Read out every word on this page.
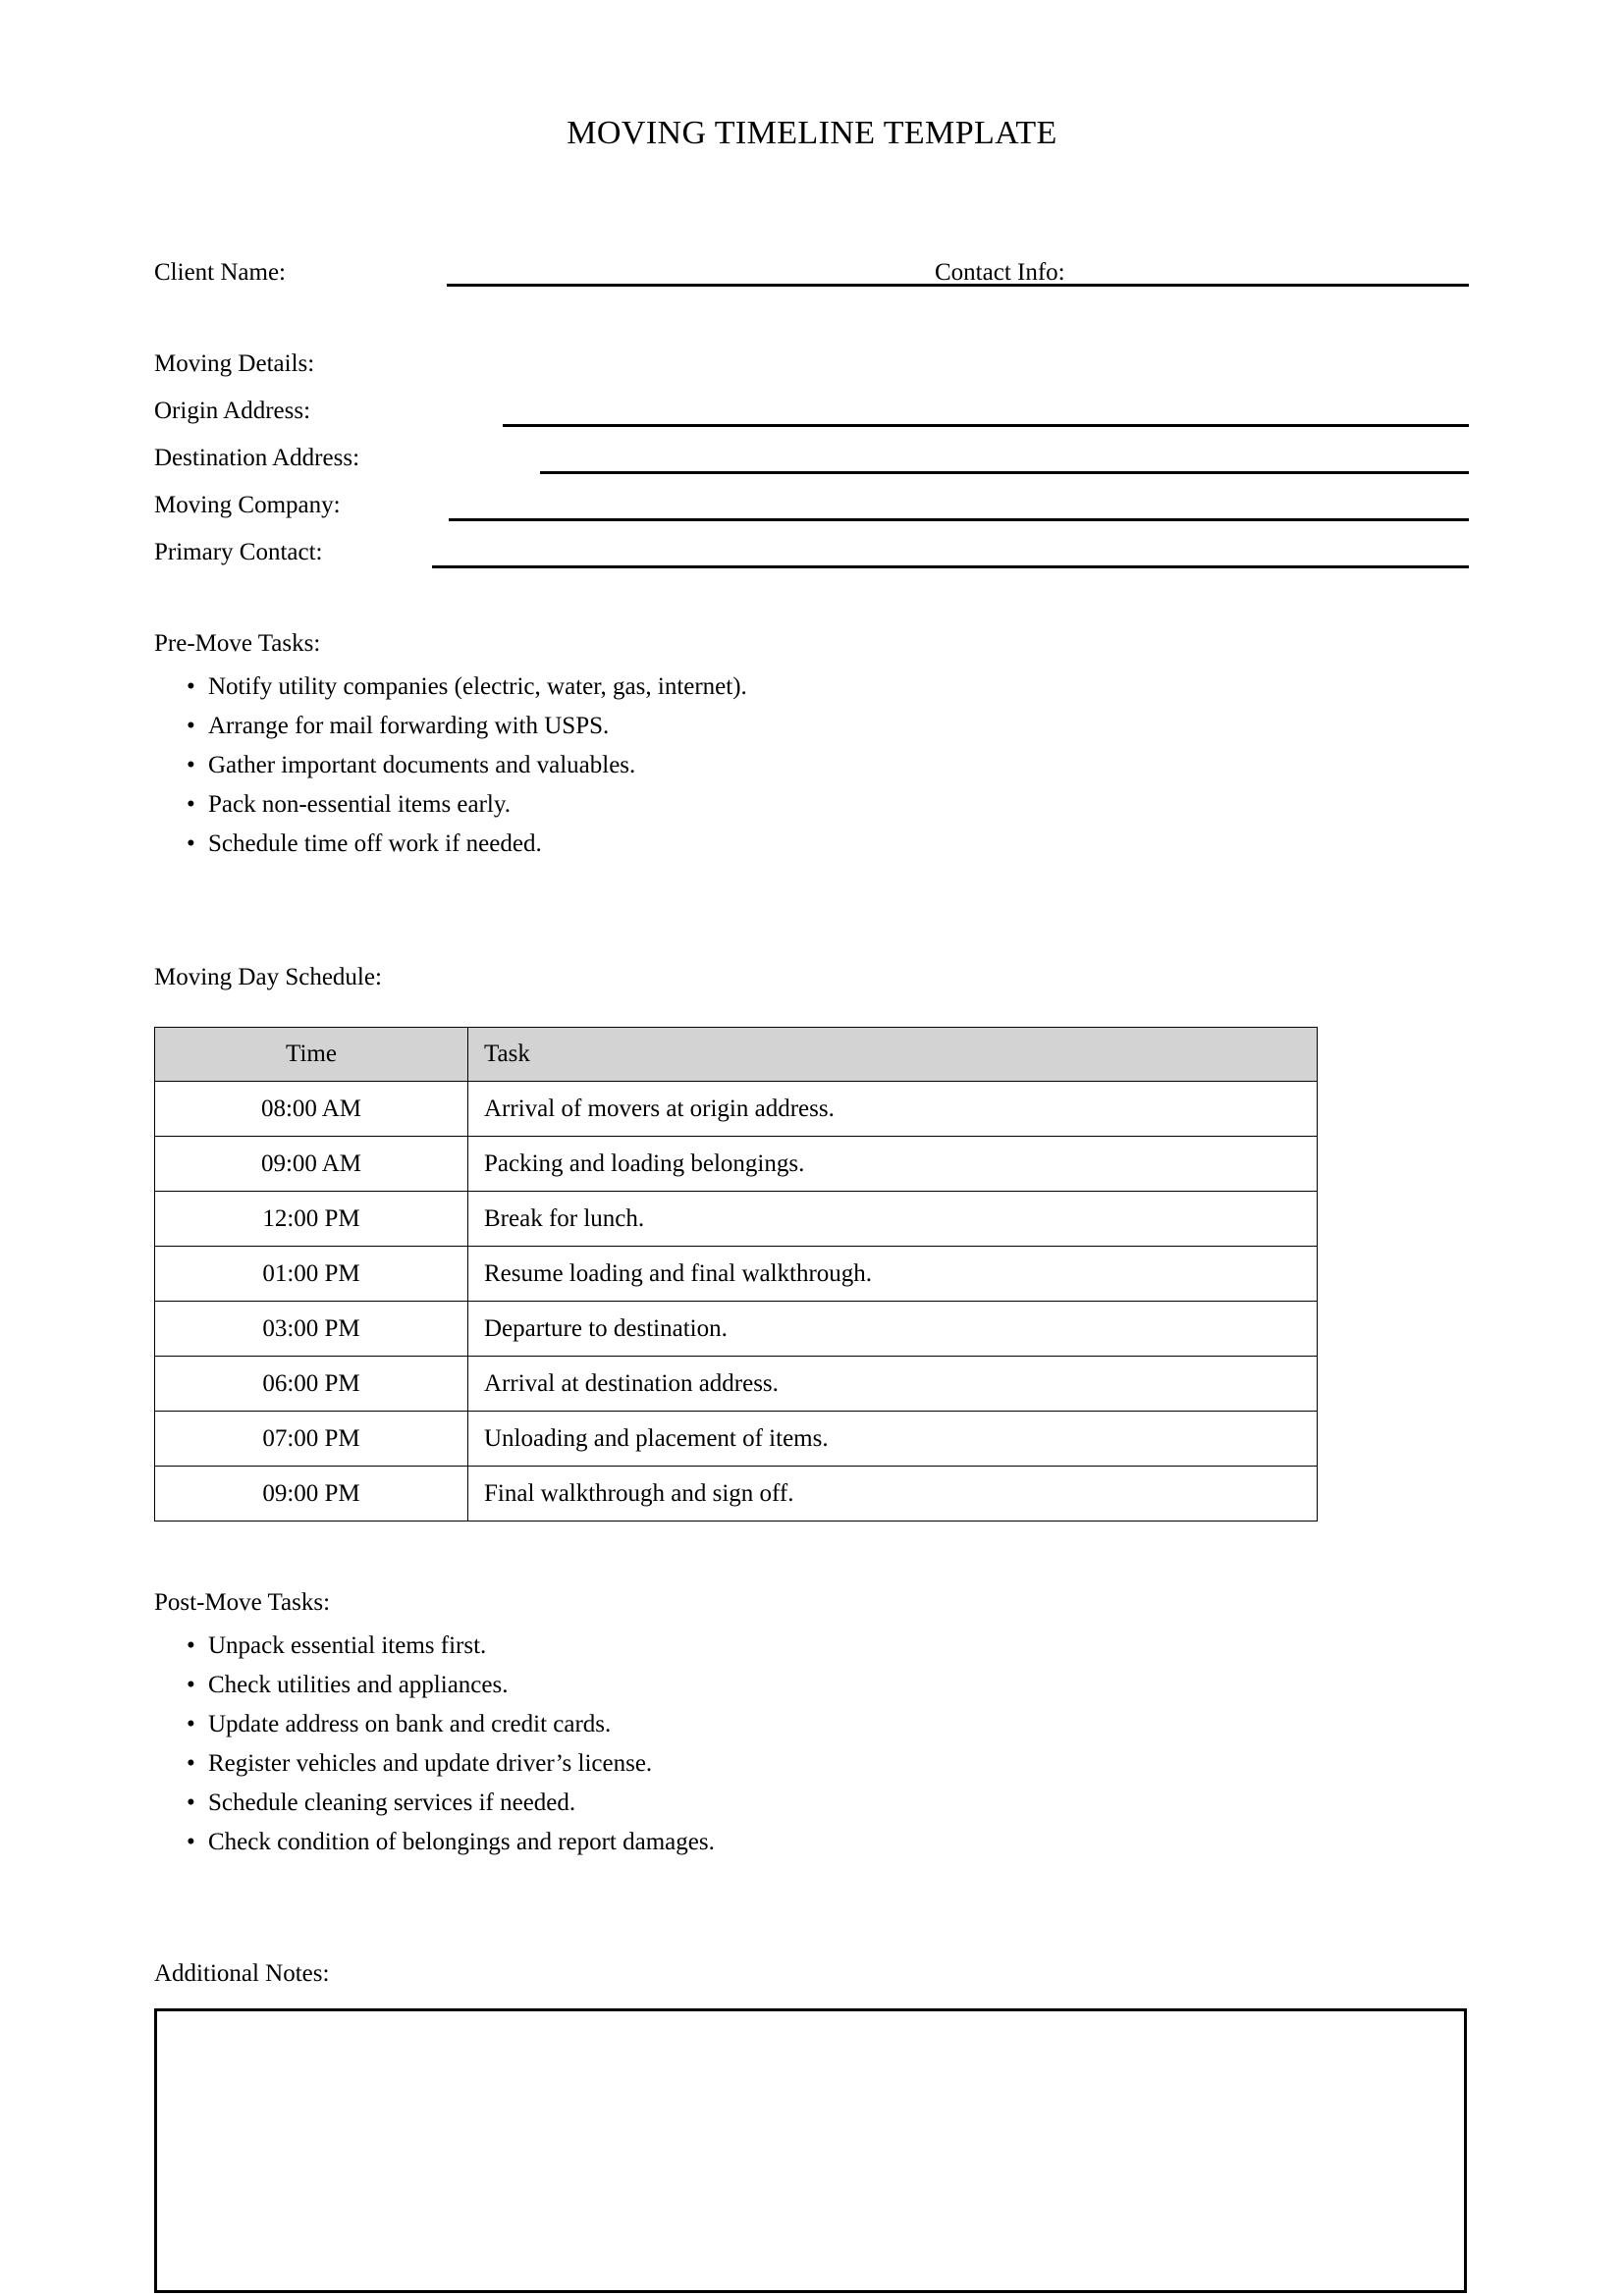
MOVING TIMELINE TEMPLATE
Client Name:	Contact Info:
Moving Details:
Origin Address:
Destination Address:
Moving Company:
Primary Contact:
Pre-Move Tasks:
• Notify utility companies (electric, water, gas, internet).
• Arrange for mail forwarding with USPS.
• Gather important documents and valuables.
• Pack non-essential items early.
• Schedule time off work if needed.
Moving Day Schedule:
Time	Task
08:00 AM	Arrival of movers at origin address.
09:00 AM	Packing and loading belongings.
12:00 PM	Break for lunch.
01:00 PM	Resume loading and final walkthrough.
03:00 PM	Departure to destination.
06:00 PM	Arrival at destination address.
07:00 PM	Unloading and placement of items.
09:00 PM	Final walkthrough and sign off.
Post-Move Tasks:
• Unpack essential items first.
• Check utilities and appliances.
• Update address on bank and credit cards.
• Register vehicles and update driver’s license.
• Schedule cleaning services if needed.
• Check condition of belongings and report damages.
Additional Notes:
